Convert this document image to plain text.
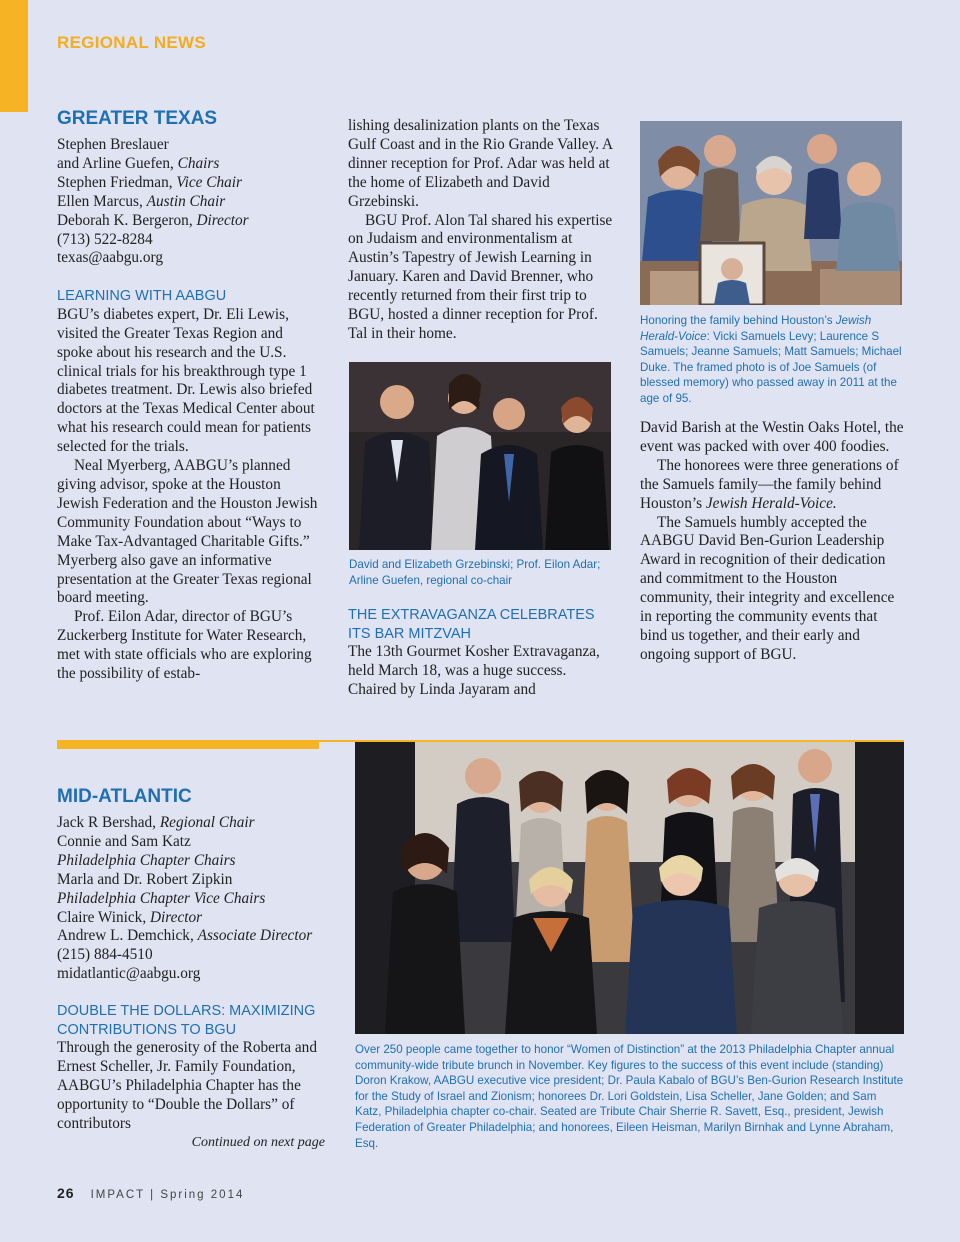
REGIONAL NEWS
GREATER TEXAS
Stephen Breslauer
and Arline Guefen, Chairs
Stephen Friedman, Vice Chair
Ellen Marcus, Austin Chair
Deborah K. Bergeron, Director
(713) 522-8284
texas@aabgu.org

LEARNING WITH AABGU

BGU’s diabetes expert, Dr. Eli Lewis, visited the Greater Texas Region and spoke about his research and the U.S. clinical trials for his breakthrough type 1 diabetes treatment. Dr. Lewis also briefed doctors at the Texas Medical Center about what his research could mean for patients selected for the trials.

Neal Myerberg, AABGU’s planned giving advisor, spoke at the Houston Jewish Federation and the Houston Jewish Community Foundation about “Ways to Make Tax-Advantaged Charitable Gifts.” Myerberg also gave an informative presentation at the Greater Texas regional board meeting.

Prof. Eilon Adar, director of BGU’s Zuckerberg Institute for Water Research, met with state officials who are exploring the possibility of estab-

lishing desalinization plants on the Texas Gulf Coast and in the Rio Grande Valley. A dinner reception for Prof. Adar was held at the home of Elizabeth and David Grzebinski.

BGU Prof. Alon Tal shared his expertise on Judaism and environmentalism at Austin’s Tapestry of Jewish Learning in January. Karen and David Brenner, who recently returned from their first trip to BGU, hosted a dinner reception for Prof. Tal in their home.

David and Elizabeth Grzebinski; Prof. Eilon Adar; Arline Guefen, regional co-chair

THE EXTRAVAGANZA CELEBRATES

ITS BAR MITZVAH

The 13th Gourmet Kosher Extravaganza, held March 18, was a huge success. Chaired by Linda Jayaram and

Honoring the family behind Houston’s Jewish Herald-Voice: Vicki Samuels Levy; Laurence S Samuels; Jeanne Samuels; Matt Samuels; Michael Duke. The framed photo is of Joe Samuels (of blessed memory) who passed away in 2011 at the age of 95.

David Barish at the Westin Oaks Hotel, the event was packed with over 400 foodies.

The honorees were three generations of the Samuels family—the family behind Houston’s Jewish Herald-Voice.

The Samuels humbly accepted the AABGU David Ben-Gurion Leadership Award in recognition of their dedication and commitment to the Houston community, their integrity and excellence in reporting the community events that bind us together, and their early and ongoing support of BGU.

MID-ATLANTIC
Jack R Bershad, Regional Chair
Connie and Sam Katz
Philadelphia Chapter Chairs
Marla and Dr. Robert Zipkin
Philadelphia Chapter Vice Chairs
Claire Winick, Director
Andrew L. Demchick, Associate Director
(215) 884-4510
midatlantic@aabgu.org

DOUBLE THE DOLLARS: MAXIMIZING

CONTRIBUTIONS TO BGU

Through the generosity of the Roberta and Ernest Scheller, Jr. Family Foundation, AABGU’s Philadelphia Chapter has the opportunity to “Double the Dollars” of contributors

Continued on next page

Over 250 people came together to honor “Women of Distinction” at the 2013 Philadelphia Chapter annual community-wide tribute brunch in November. Key figures to the success of this event include (standing) Doron Krakow, AABGU executive vice president; Dr. Paula Kabalo of BGU’s Ben-Gurion Research Institute for the Study of Israel and Zionism; honorees Dr. Lori Goldstein, Lisa Scheller, Jane Golden; and Sam Katz, Philadelphia chapter co-chair. Seated are Tribute Chair Sherrie R. Savett, Esq., president, Jewish Federation of Greater Philadelphia; and honorees, Eileen Heisman, Marilyn Birnhak and Lynne Abraham, Esq.

26 IMPACT | Spring 2014
